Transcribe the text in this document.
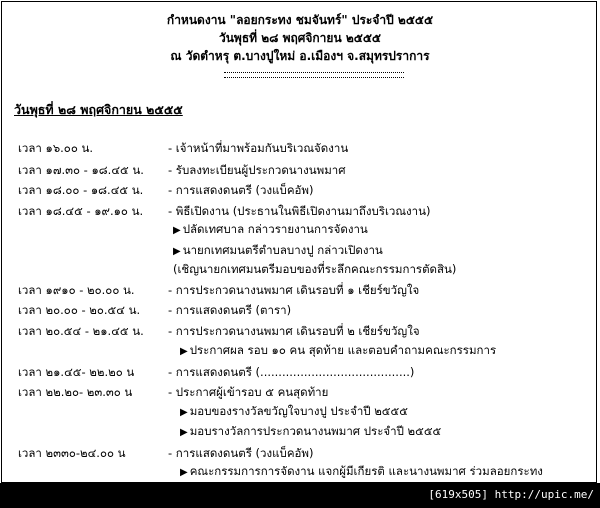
กำหนดงาน "ลอยกระทง ชมจันทร์" ประจำปี ๒๕๕๕
วันพุธที่ ๒๘ พฤศจิกายน ๒๕๕๕
ณ วัดตำหรุ ต.บางปูใหม่ อ.เมืองฯ จ.สมุทรปราการ
วันพุธที่ ๒๘ พฤศจิกายน ๒๕๕๕
เวลา ๑๖.๐๐ น.	- เจ้าหน้าที่มาพร้อมกันบริเวณจัดงาน
เวลา ๑๗.๓๐ - ๑๘.๔๕ น. - รับลงทะเบียนผู้ประกวดนางนพมาศ
เวลา ๑๘.๐๐ - ๑๘.๔๕ น. - การแสดงดนตรี (วงแบ็คอัพ)
เวลา ๑๘.๔๕ - ๑๙.๑๐ น. - พิธีเปิดงาน (ประธานในพิธีเปิดงานมาถึงบริเวณงาน)
▶ ปลัดเทศบาล กล่าวรายงานการจัดงาน
▶ นายกเทศมนตรีตำบลบางปู กล่าวเปิดงาน
(เชิญนายกเทศมนตรีมอบของที่ระลึกคณะกรรมการตัดสิน)
เวลา ๑๙๑๐ - ๒๐.๐๐ น.	- การประกวดนางนพมาศ เดินรอบที่ ๑ เชียร์ขวัญใจ
เวลา ๒๐.๐๐ - ๒๐.๕๔ น. - การแสดงดนตรี (ตารา)
เวลา ๒๐.๕๔ - ๒๑.๔๕ น. - การประกวดนางนพมาศ เดินรอบที่ ๒ เชียร์ขวัญใจ
▶ ประกาศผล รอบ ๑๐ คน สุดท้าย และตอบคำถามคณะกรรมการ
เวลา ๒๑.๔๕- ๒๒.๒๐ น	- การแสดงดนตรี (.........................................)
เวลา ๒๒.๒๐- ๒๓.๓๐ น	- ประกาศผู้เข้ารอบ ๕ คนสุดท้าย
▶ มอบของรางวัลขวัญใจบางปู ประจำปี ๒๕๕๕
▶ มอบรางวัลการประกวดนางนพมาศ ประจำปี ๒๕๕๕
เวลา ๒๓๓๐-๒๔.๐๐ น	- การแสดงดนตรี (วงแบ็คอัพ)
▶ คณะกรรมการการจัดงาน แจกผู้มีเกียรติ และนางนพมาศ ร่วมลอยกระทง
[619x505] http://upic.me/
